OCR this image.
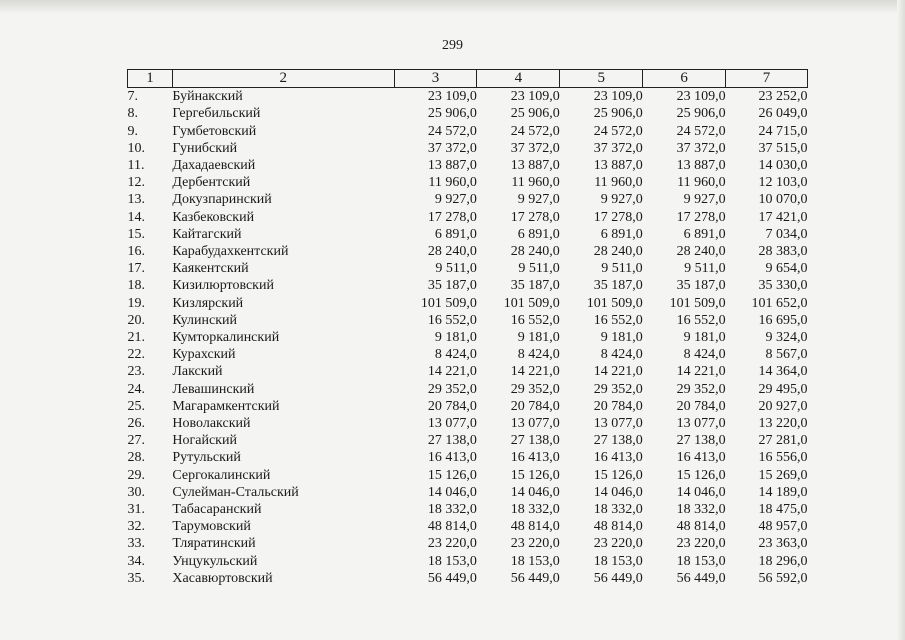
299
1	2	3	4	5	6	7
7.	Буйнакский	23 109,0	23 109,0	23 109,0	23 109,0	23 252,0
8.	Гергебильский	25 906,0	25 906,0	25 906,0	25 906,0	26 049,0
9.	Гумбетовский	24 572,0	24 572,0	24 572,0	24 572,0	24 715,0
10.	Гунибский	37 372,0	37 372,0	37 372,0	37 372,0	37 515,0
11.	Дахадаевский	13 887,0	13 887,0	13 887,0	13 887,0	14 030,0
12.	Дербентский	11 960,0	11 960,0	11 960,0	11 960,0	12 103,0
13.	Докузпаринский	9 927,0	9 927,0	9 927,0	9 927,0	10 070,0
14.	Казбековский	17 278,0	17 278,0	17 278,0	17 278,0	17 421,0
15.	Кайтагский	6 891,0	6 891,0	6 891,0	6 891,0	7 034,0
16.	Карабудахкентский	28 240,0	28 240,0	28 240,0	28 240,0	28 383,0
17.	Каякентский	9 511,0	9 511,0	9 511,0	9 511,0	9 654,0
18.	Кизилюртовский	35 187,0	35 187,0	35 187,0	35 187,0	35 330,0
19.	Кизлярский	101 509,0	101 509,0	101 509,0	101 509,0	101 652,0
20.	Кулинский	16 552,0	16 552,0	16 552,0	16 552,0	16 695,0
21.	Кумторкалинский	9 181,0	9 181,0	9 181,0	9 181,0	9 324,0
22.	Курахский	8 424,0	8 424,0	8 424,0	8 424,0	8 567,0
23.	Лакский	14 221,0	14 221,0	14 221,0	14 221,0	14 364,0
24.	Левашинский	29 352,0	29 352,0	29 352,0	29 352,0	29 495,0
25.	Магарамкентский	20 784,0	20 784,0	20 784,0	20 784,0	20 927,0
26.	Новолакский	13 077,0	13 077,0	13 077,0	13 077,0	13 220,0
27.	Ногайский	27 138,0	27 138,0	27 138,0	27 138,0	27 281,0
28.	Рутульский	16 413,0	16 413,0	16 413,0	16 413,0	16 556,0
29.	Сергокалинский	15 126,0	15 126,0	15 126,0	15 126,0	15 269,0
30.	Сулейман-Стальский	14 046,0	14 046,0	14 046,0	14 046,0	14 189,0
31.	Табасаранский	18 332,0	18 332,0	18 332,0	18 332,0	18 475,0
32.	Тарумовский	48 814,0	48 814,0	48 814,0	48 814,0	48 957,0
33.	Тляратинский	23 220,0	23 220,0	23 220,0	23 220,0	23 363,0
34.	Унцукульский	18 153,0	18 153,0	18 153,0	18 153,0	18 296,0
35.	Хасавюртовский	56 449,0	56 449,0	56 449,0	56 449,0	56 592,0
